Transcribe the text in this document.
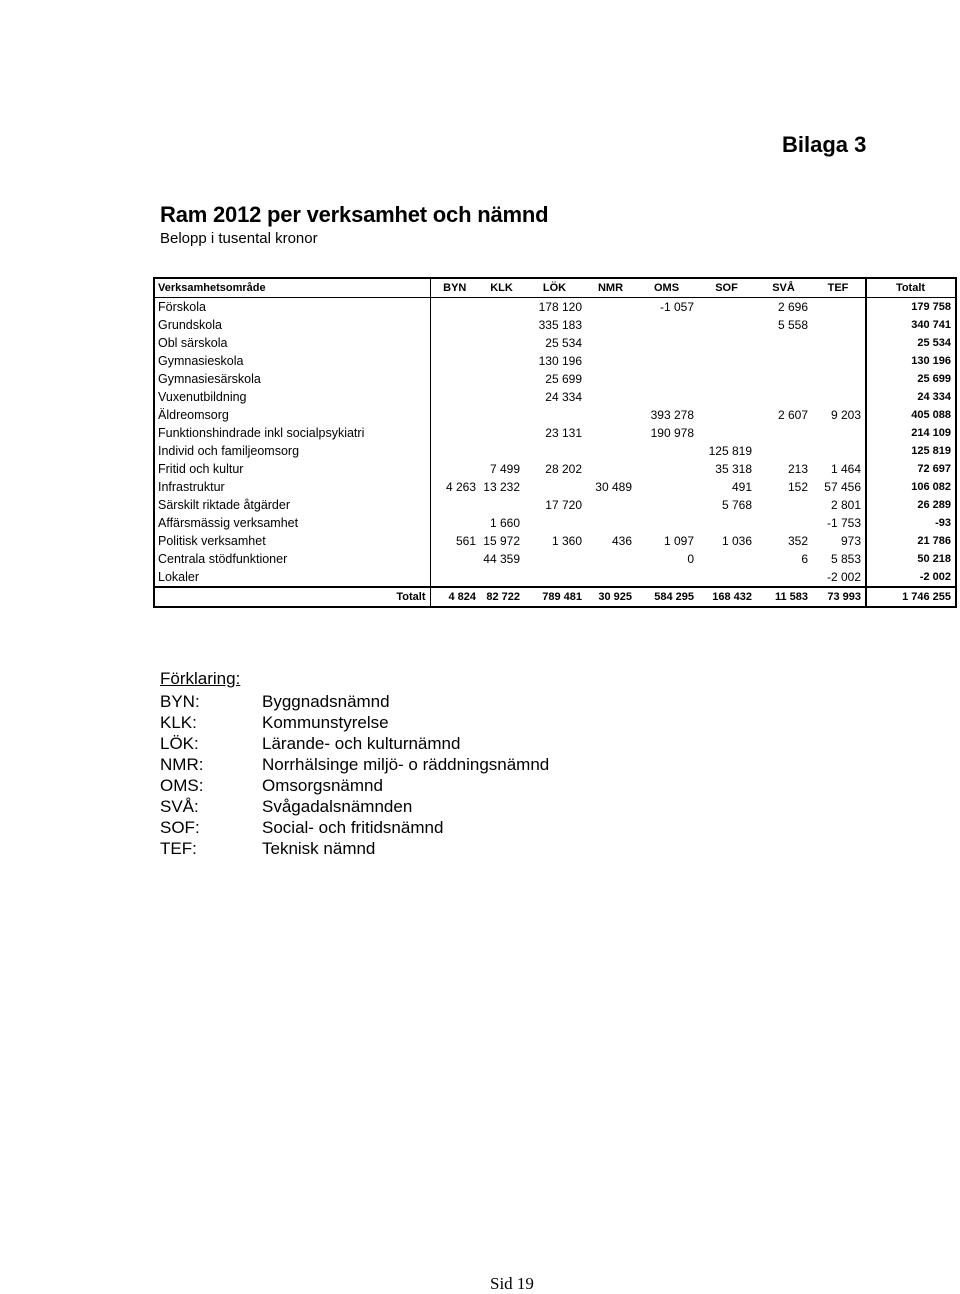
Bilaga 3
Ram 2012 per verksamhet och nämnd
Belopp i tusental kronor
Verksamhetsområde	BYN	KLK	LÖK	NMR	OMS	SOF	SVÅ	TEF	Totalt
Förskola			178 120		-1 057		2 696		179 758
Grundskola			335 183				5 558		340 741
Obl särskola			25 534						25 534
Gymnasieskola			130 196						130 196
Gymnasiesärskola			25 699						25 699
Vuxenutbildning			24 334						24 334
Äldreomsorg					393 278		2 607	9 203	405 088
Funktionshindrade inkl socialpsykiatri			23 131		190 978				214 109
Individ och familjeomsorg						125 819			125 819
Fritid och kultur		7 499	28 202			35 318	213	1 464	72 697
Infrastruktur	4 263	13 232		30 489		491	152	57 456	106 082
Särskilt riktade åtgärder			17 720			5 768		2 801	26 289
Affärsmässig verksamhet		1 660						-1 753	-93
Politisk verksamhet	561	15 972	1 360	436	1 097	1 036	352	973	21 786
Centrala stödfunktioner		44 359			0		6	5 853	50 218
Lokaler								-2 002	-2 002
Totalt	4 824	82 722	789 481	30 925	584 295	168 432	11 583	73 993	1 746 255
Förklaring:
BYN:	Byggnadsnämnd
KLK:	Kommunstyrelse
LÖK:	Lärande- och kulturnämnd
NMR:	Norrhälsinge miljö- o räddningsnämnd
OMS:	Omsorgsnämnd
SVÅ:	Svågadalsnämnden
SOF:	Social- och fritidsnämnd
TEF:	Teknisk nämnd
Sid 19
